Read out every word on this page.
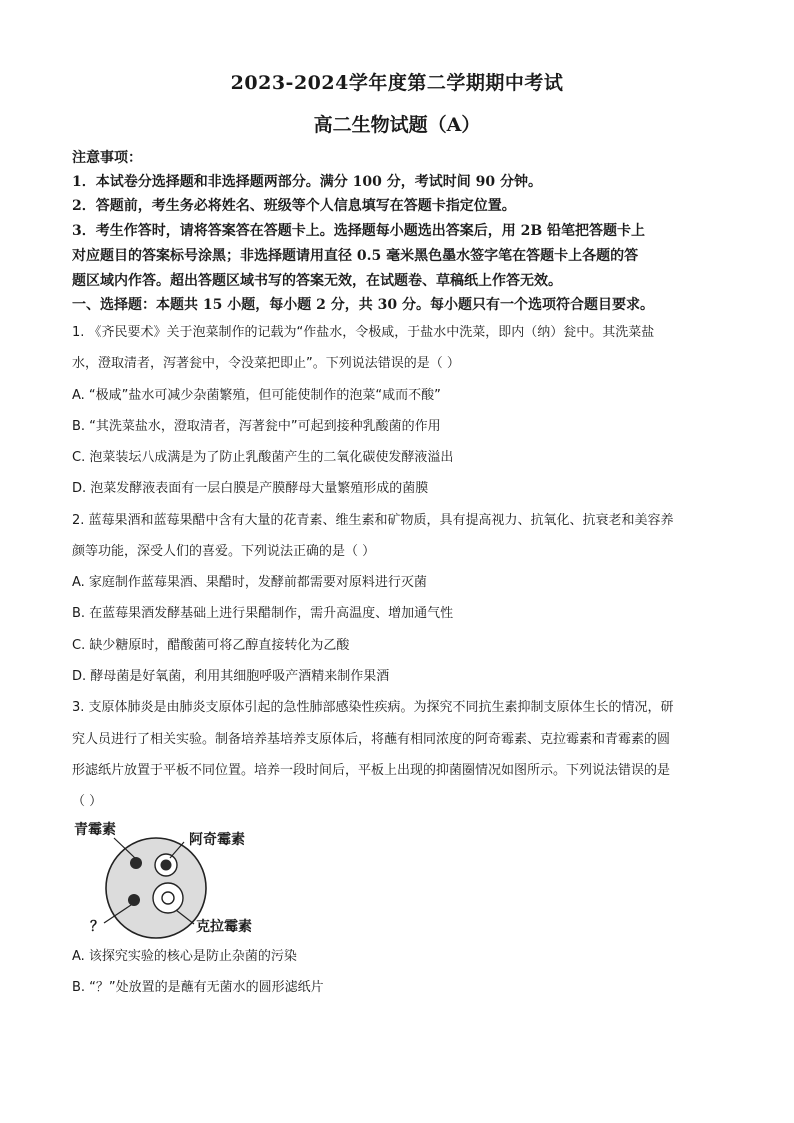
2023-2024学年度第二学期期中考试
高二生物试题（A）
注意事项：
1．本试卷分选择题和非选择题两部分。满分 100 分，考试时间 90 分钟。
2．答题前，考生务必将姓名、班级等个人信息填写在答题卡指定位置。
3．考生作答时，请将答案答在答题卡上。选择题每小题选出答案后，用 2B 铅笔把答题卡上
对应题目的答案标号涂黑；非选择题请用直径 0.5 毫米黑色墨水签字笔在答题卡上各题的答
题区域内作答。超出答题区域书写的答案无效，在试题卷、草稿纸上作答无效。
一、选择题：本题共 15 小题，每小题 2 分，共 30 分。每小题只有一个选项符合题目要求。
1. 《齐民要术》关于泡菜制作的记载为“作盐水，令极咸，于盐水中洗菜，即内（纳）瓮中。其洗菜盐
水，澄取清者，泻著瓮中，令没菜把即止”。下列说法错误的是（ ）
A. “极咸”盐水可减少杂菌繁殖，但可能使制作的泡菜“咸而不酸”
B. “其洗菜盐水，澄取清者，泻著瓮中”可起到接种乳酸菌的作用
C. 泡菜装坛八成满是为了防止乳酸菌产生的二氧化碳使发酵液溢出
D. 泡菜发酵液表面有一层白膜是产膜酵母大量繁殖形成的菌膜
2. 蓝莓果酒和蓝莓果醋中含有大量的花青素、维生素和矿物质，具有提高视力、抗氧化、抗衰老和美容养
颜等功能，深受人们的喜爱。下列说法正确的是（ ）
A. 家庭制作蓝莓果酒、果醋时，发酵前都需要对原料进行灭菌
B. 在蓝莓果酒发酵基础上进行果醋制作，需升高温度、增加通气性
C. 缺少糖原时，醋酸菌可将乙醇直接转化为乙酸
D. 酵母菌是好氧菌，利用其细胞呼吸产酒精来制作果酒
3. 支原体肺炎是由肺炎支原体引起的急性肺部感染性疾病。为探究不同抗生素抑制支原体生长的情况，研
究人员进行了相关实验。制备培养基培养支原体后，将蘸有相同浓度的阿奇霉素、克拉霉素和青霉素的圆
形滤纸片放置于平板不同位置。培养一段时间后，平板上出现的抑菌圈情况如图所示。下列说法错误的是
（ ）
青霉素
阿奇霉素
？	克拉霉素
A. 该探究实验的核心是防止杂菌的污染
B. “？”处放置的是蘸有无菌水的圆形滤纸片
